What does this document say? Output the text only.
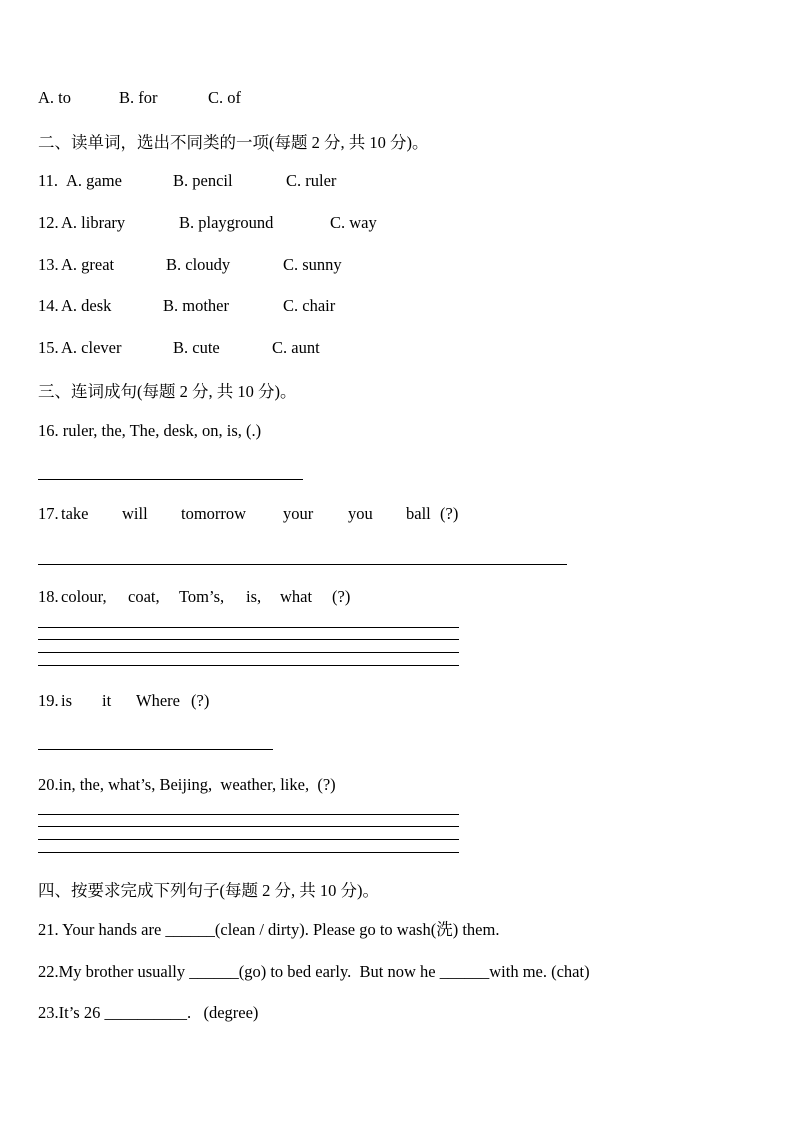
A. to	B. for	C. of
二、读单词，选出不同类的一项(每题 2 分, 共 10 分)。
11. A. game	B. pencil	C. ruler
12. A. library	B. playground	C. way
13. A. great	B. cloudy	C. sunny
14. A. desk	B. mother	C. chair
15. A. clever	B. cute	C. aunt
三、连词成句(每题 2 分, 共 10 分)。
16. ruler, the, The, desk, on, is, (.)
17. take will tomorrow your you ball (?)
18. colour, coat, Tom’s, is, what (?)
19. is it Where (?)
20.in, the, what’s, Beijing,  weather, like,  (?)
四、按要求完成下列句子(每题 2 分, 共 10 分)。
21. Your hands are ______(clean / dirty). Please go to wash(洗) them.
22.My brother usually ______(go) to bed early.  But now he ______with me. (chat)
23.It’s 26 __________.   (degree)
